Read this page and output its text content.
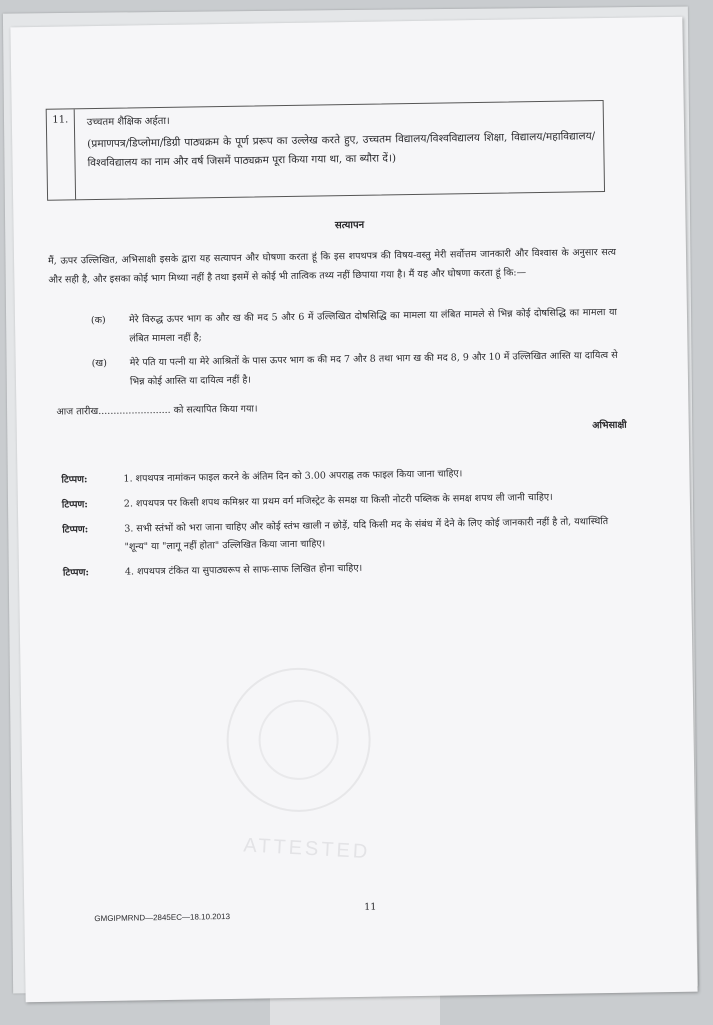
11.	उच्चतम शैक्षिक अर्हता।
(प्रमाणपत्र/डिप्लोमा/डिग्री पाठ्यक्रम के पूर्ण प्ररूप का उल्लेख करते हुए, उच्चतम विद्यालय/विश्वविद्यालय शिक्षा, विद्यालय/महाविद्यालय/विश्वविद्यालय का नाम और वर्ष जिसमें पाठ्यक्रम पूरा किया गया था, का ब्यौरा दें।)
सत्यापन
मैं, ऊपर उल्लिखित, अभिसाक्षी इसके द्वारा यह सत्यापन और घोषणा करता हूं कि इस शपथपत्र की विषय-वस्तु मेरी सर्वोत्तम जानकारी और विश्वास के अनुसार सत्य और सही है, और इसका कोई भाग मिथ्या नहीं है तथा इसमें से कोई भी तात्विक तथ्य नहीं छिपाया गया है। मैं यह और घोषणा करता हूं कि:—
(क) मेरे विरुद्ध ऊपर भाग क और ख की मद 5 और 6 में उल्लिखित दोषसिद्धि का मामला या लंबित मामले से भिन्न कोई दोषसिद्धि का मामला या लंबित मामला नहीं है;
(ख) मेरे पति या पत्नी या मेरे आश्रितों के पास ऊपर भाग क की मद 7 और 8 तथा भाग ख की मद 8, 9 और 10 में उल्लिखित आस्ति या दायित्व से भिन्न कोई आस्ति या दायित्व नहीं है।
आज तारीख........................ को सत्यापित किया गया।
अभिसाक्षी
टिप्पण:	1. शपथपत्र नामांकन फाइल करने के अंतिम दिन को 3.00 अपराह्न तक फाइल किया जाना चाहिए।
टिप्पण:	2. शपथपत्र पर किसी शपथ कमिश्नर या प्रथम वर्ग मजिस्ट्रेट के समक्ष या किसी नोटरी पब्लिक के समक्ष शपथ ली जानी चाहिए।
टिप्पण:	3. सभी स्तंभों को भरा जाना चाहिए और कोई स्तंभ खाली न छोड़ें, यदि किसी मद के संबंध में देने के लिए कोई जानकारी नहीं है तो, यथास्थिति "शून्य" या "लागू नहीं होता" उल्लिखित किया जाना चाहिए।
टिप्पण:	4. शपथपत्र टंकित या सुपाठ्यरूप से साफ-साफ लिखित होना चाहिए।
ATTESTED
11
GMGIPMRND—2845EC—18.10.2013
